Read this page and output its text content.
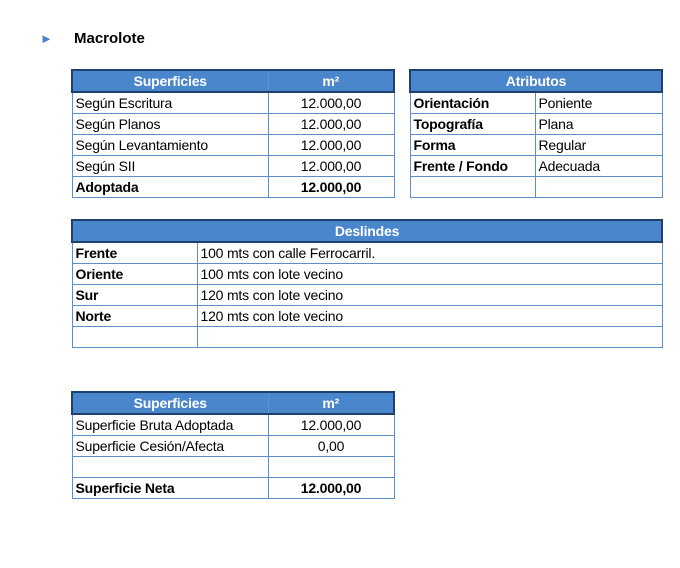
►	Macrolote
Superficies	m²
Según Escritura	12.000,00
Según Planos	12.000,00
Según Levantamiento	12.000,00
Según SII	12.000,00
Adoptada	12.000,00
Atributos	
Orientación	Poniente
Topografía	Plana
Forma	Regular
Frente / Fondo	Adecuada

Deslindes	
Frente	100 mts con calle Ferrocarril.
Oriente	100 mts con lote vecino
Sur	120 mts con lote vecino
Norte	120 mts con lote vecino

Superficies	m²
Superficie Bruta Adoptada	12.000,00
Superficie Cesión/Afecta	0,00

Superficie Neta	12.000,00
